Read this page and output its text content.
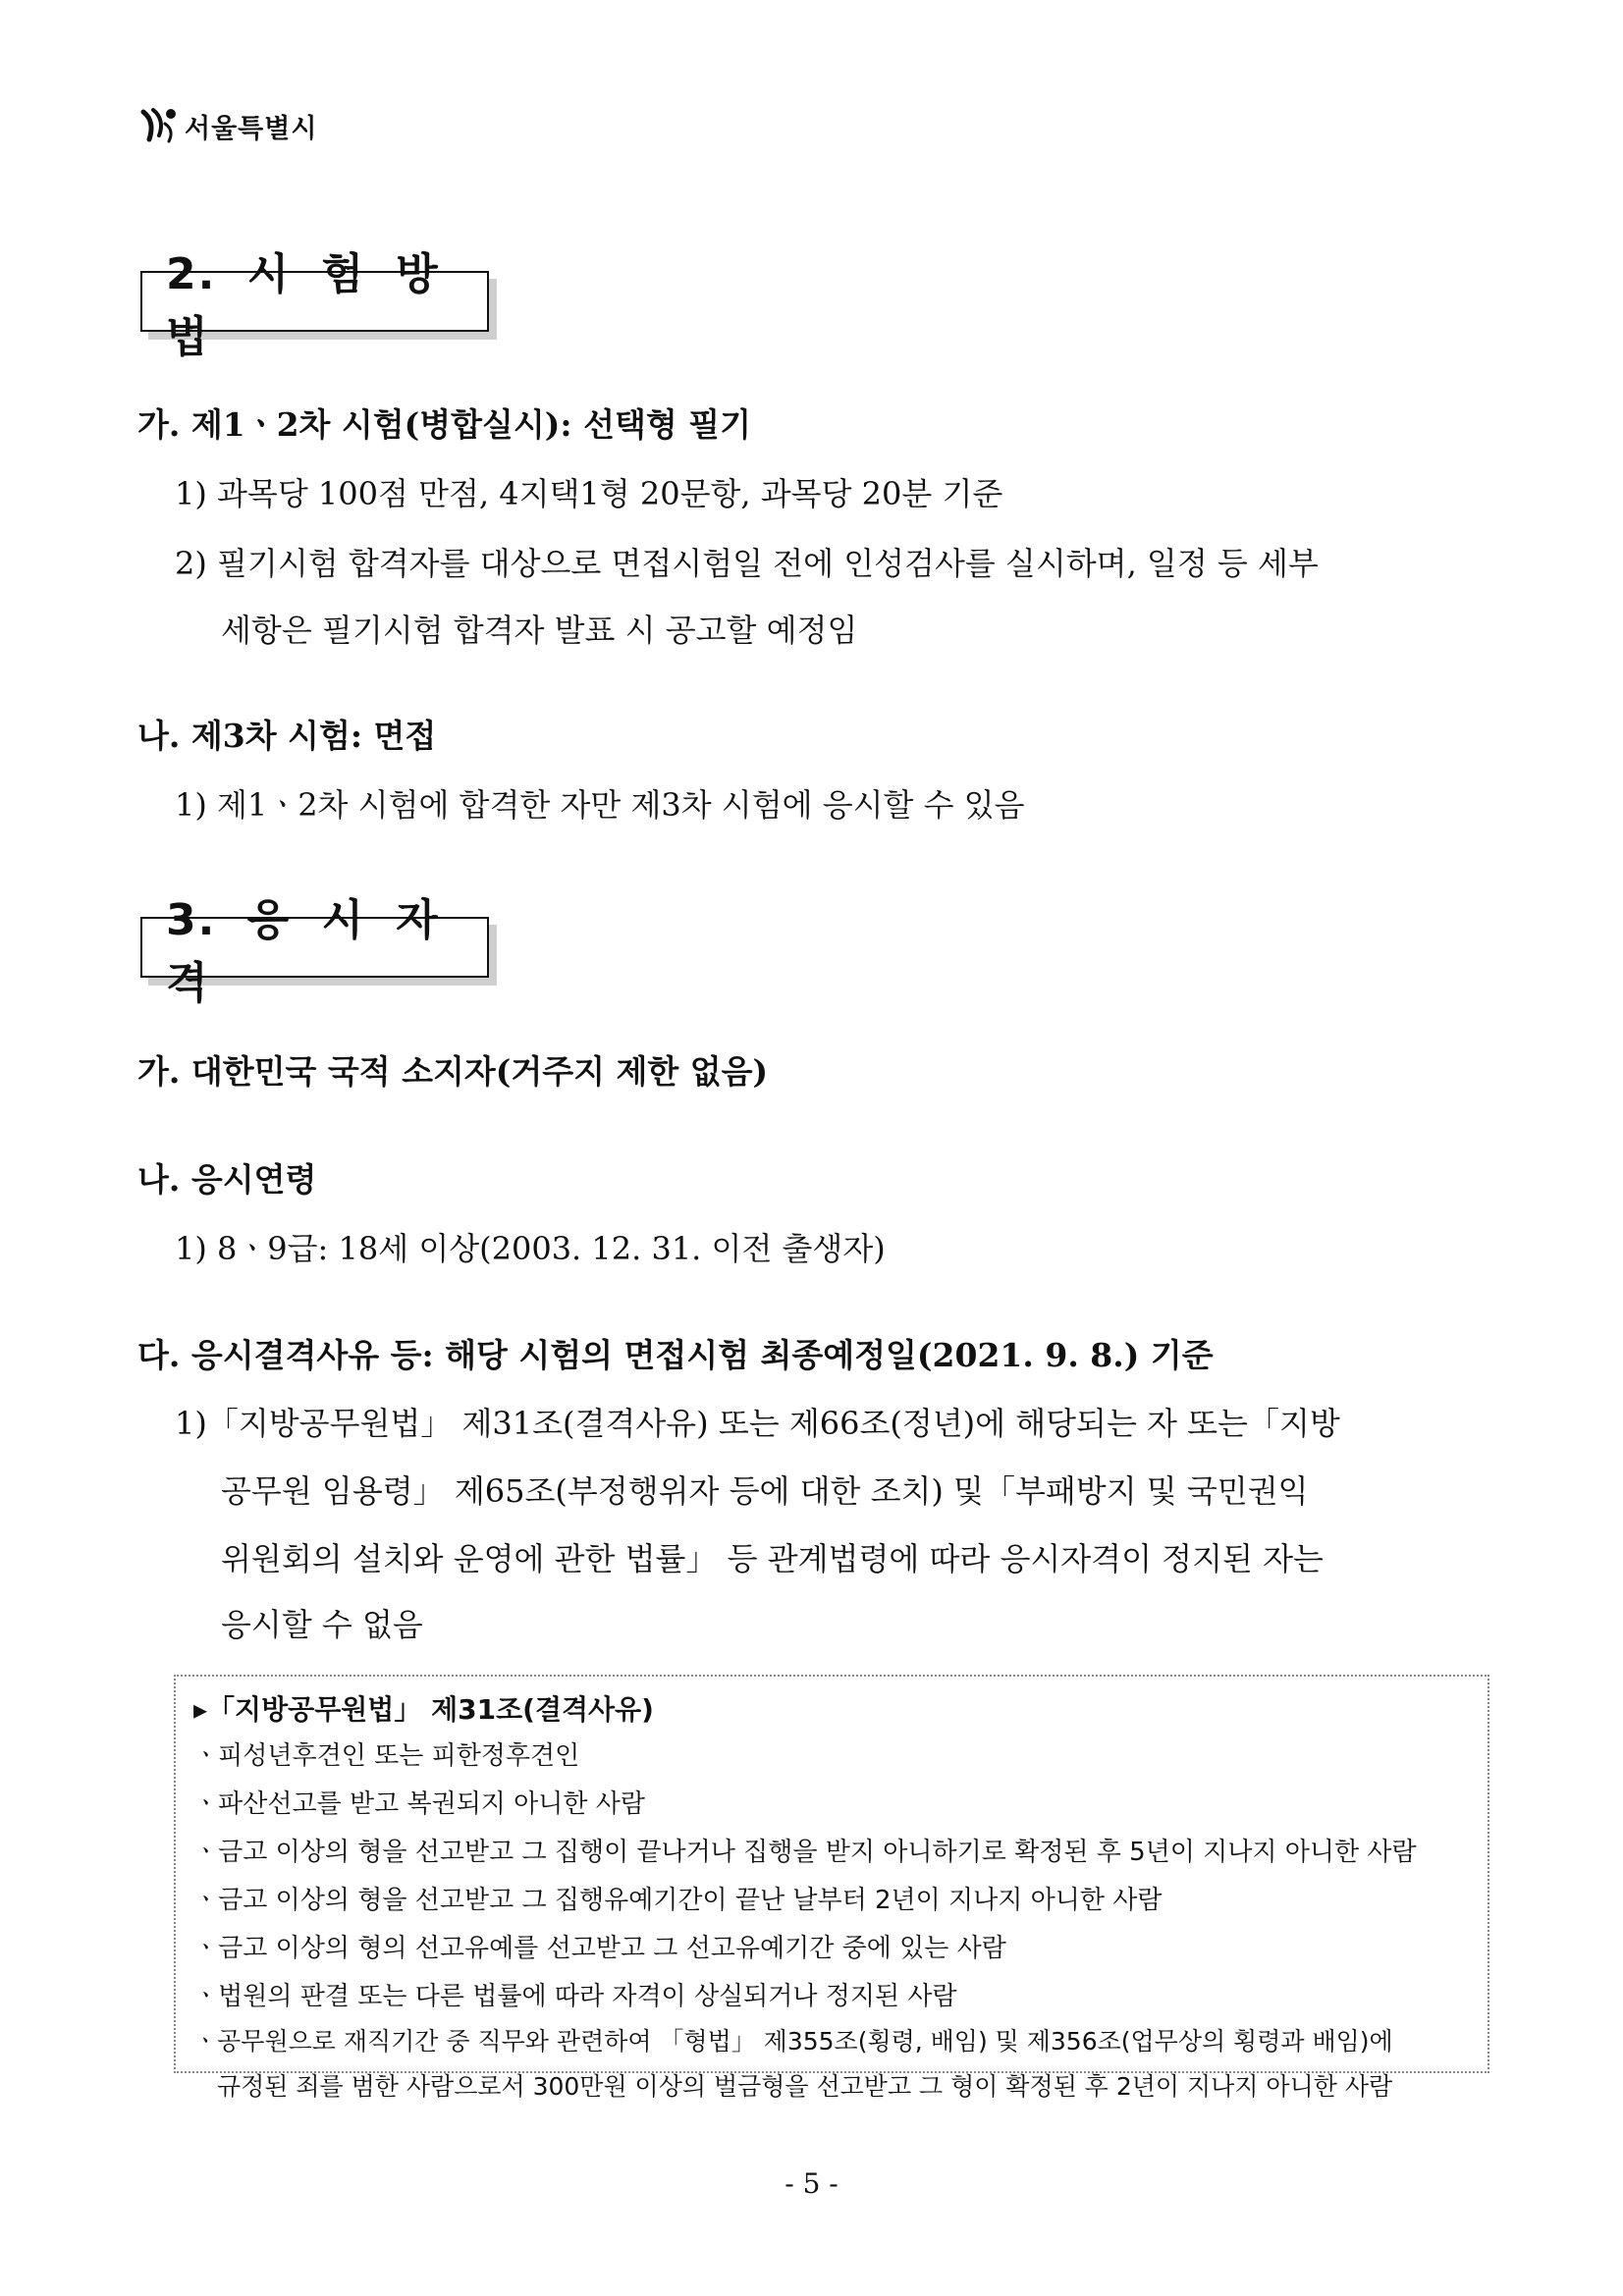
서울특별시
2. 시 험 방 법
가. 제1ㆍ2차 시험(병합실시): 선택형 필기
1) 과목당 100점 만점, 4지택1형 20문항, 과목당 20분 기준
2) 필기시험 합격자를 대상으로 면접시험일 전에 인성검사를 실시하며, 일정 등 세부
세항은 필기시험 합격자 발표 시 공고할 예정임
나. 제3차 시험: 면접
1) 제1ㆍ2차 시험에 합격한 자만 제3차 시험에 응시할 수 있음
3. 응 시 자 격
가. 대한민국 국적 소지자(거주지 제한 없음)
나. 응시연령
1) 8ㆍ9급: 18세 이상(2003. 12. 31. 이전 출생자)
다. 응시결격사유 등: 해당 시험의 면접시험 최종예정일(2021. 9. 8.) 기준
1)「지방공무원법」 제31조(결격사유) 또는 제66조(정년)에 해당되는 자 또는「지방
공무원 임용령」 제65조(부정행위자 등에 대한 조치) 및「부패방지 및 국민권익
위원회의 설치와 운영에 관한 법률」 등 관계법령에 따라 응시자격이 정지된 자는
응시할 수 없음
▸「지방공무원법」 제31조(결격사유)
ㆍ피성년후견인 또는 피한정후견인
ㆍ파산선고를 받고 복권되지 아니한 사람
ㆍ금고 이상의 형을 선고받고 그 집행이 끝나거나 집행을 받지 아니하기로 확정된 후 5년이 지나지 아니한 사람
ㆍ금고 이상의 형을 선고받고 그 집행유예기간이 끝난 날부터 2년이 지나지 아니한 사람
ㆍ금고 이상의 형의 선고유예를 선고받고 그 선고유예기간 중에 있는 사람
ㆍ법원의 판결 또는 다른 법률에 따라 자격이 상실되거나 정지된 사람
ㆍ공무원으로 재직기간 중 직무와 관련하여 「형법」 제355조(횡령, 배임) 및 제356조(업무상의 횡령과 배임)에
규정된 죄를 범한 사람으로서 300만원 이상의 벌금형을 선고받고 그 형이 확정된 후 2년이 지나지 아니한 사람
- 5 -
